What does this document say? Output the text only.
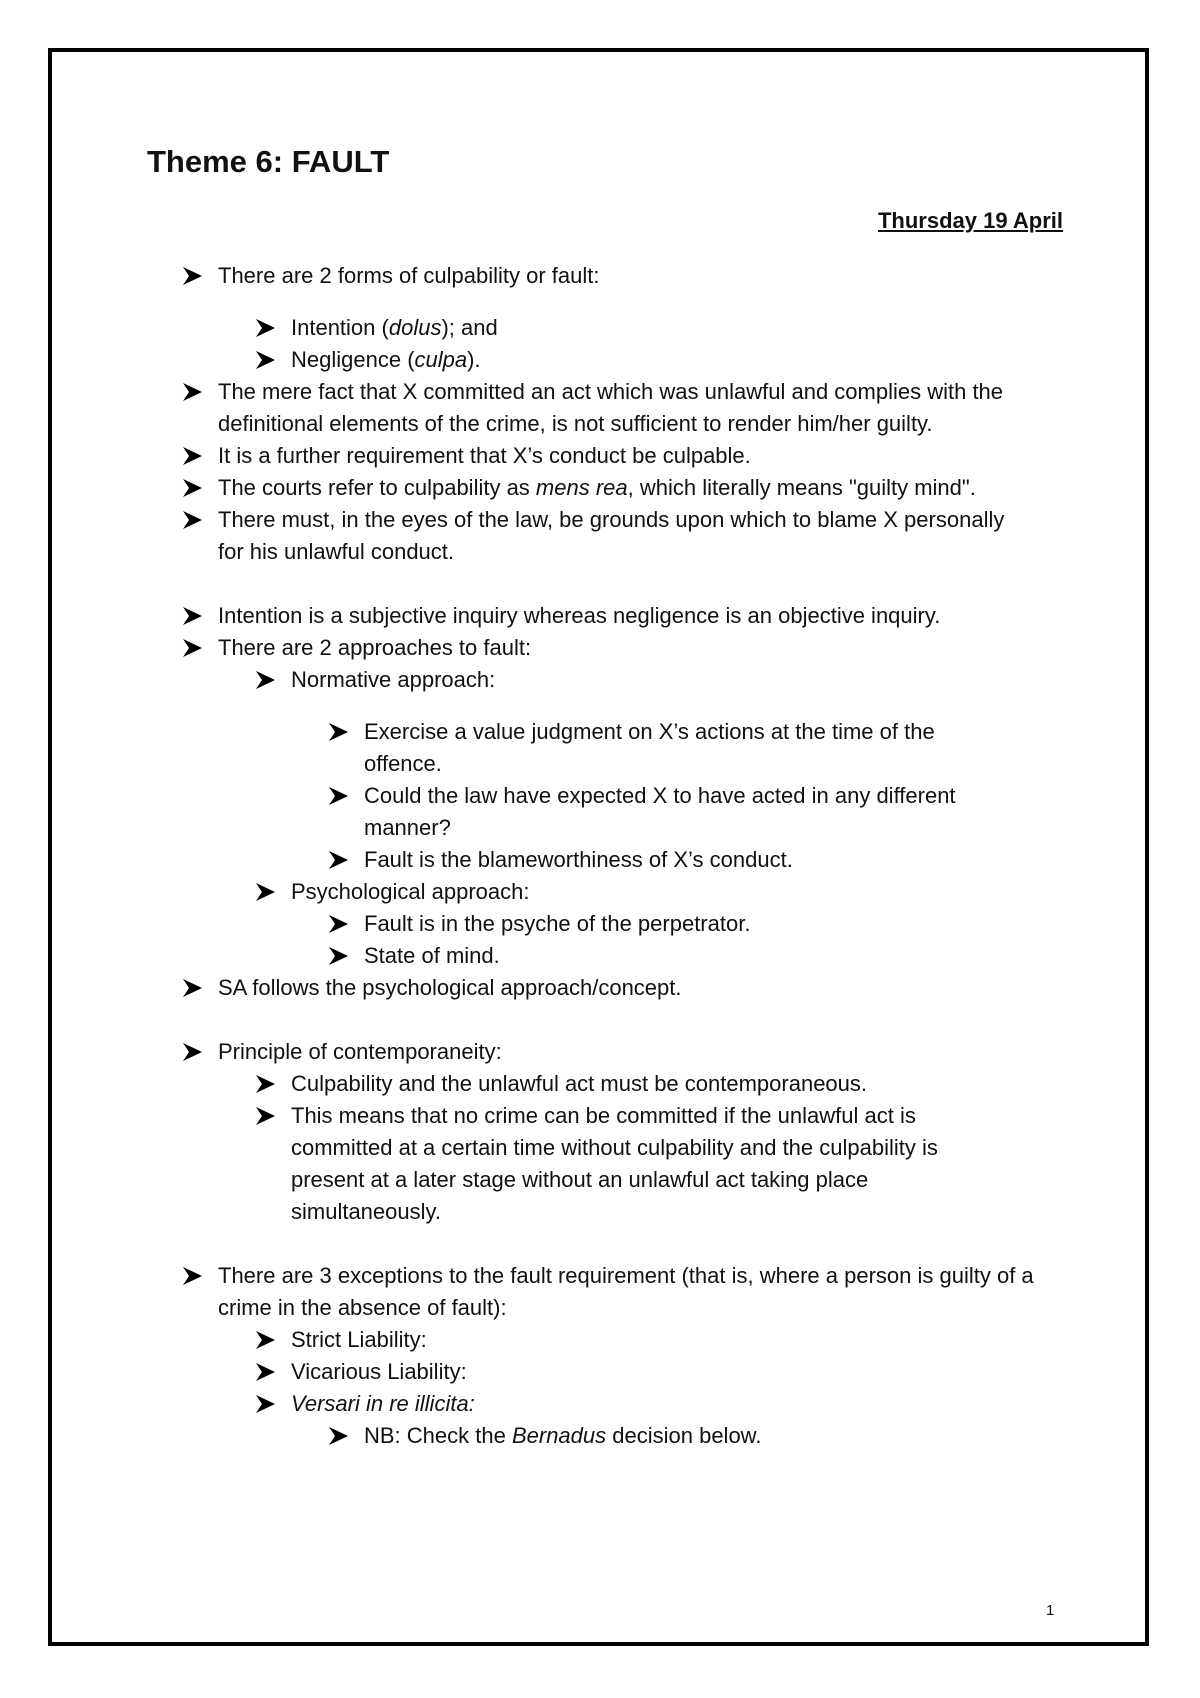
Theme 6: FAULT
Thursday 19 April
There are 2 forms of culpability or fault:
Intention (dolus); and
Negligence (culpa).
The mere fact that X committed an act which was unlawful and complies with the definitional elements of the crime, is not sufficient to render him/her guilty.
It is a further requirement that X’s conduct be culpable.
The courts refer to culpability as mens rea, which literally means "guilty mind".
There must, in the eyes of the law, be grounds upon which to blame X personally for his unlawful conduct.
Intention is a subjective inquiry whereas negligence is an objective inquiry.
There are 2 approaches to fault:
Normative approach:
Exercise a value judgment on X’s actions at the time of the offence.
Could the law have expected X to have acted in any different manner?
Fault is the blameworthiness of X’s conduct.
Psychological approach:
Fault is in the psyche of the perpetrator.
State of mind.
SA follows the psychological approach/concept.
Principle of contemporaneity:
Culpability and the unlawful act must be contemporaneous.
This means that no crime can be committed if the unlawful act is committed at a certain time without culpability and the culpability is present at a later stage without an unlawful act taking place simultaneously.
There are 3 exceptions to the fault requirement (that is, where a person is guilty of a crime in the absence of fault):
Strict Liability:
Vicarious Liability:
Versari in re illicita:
NB: Check the Bernadus decision below.
1
